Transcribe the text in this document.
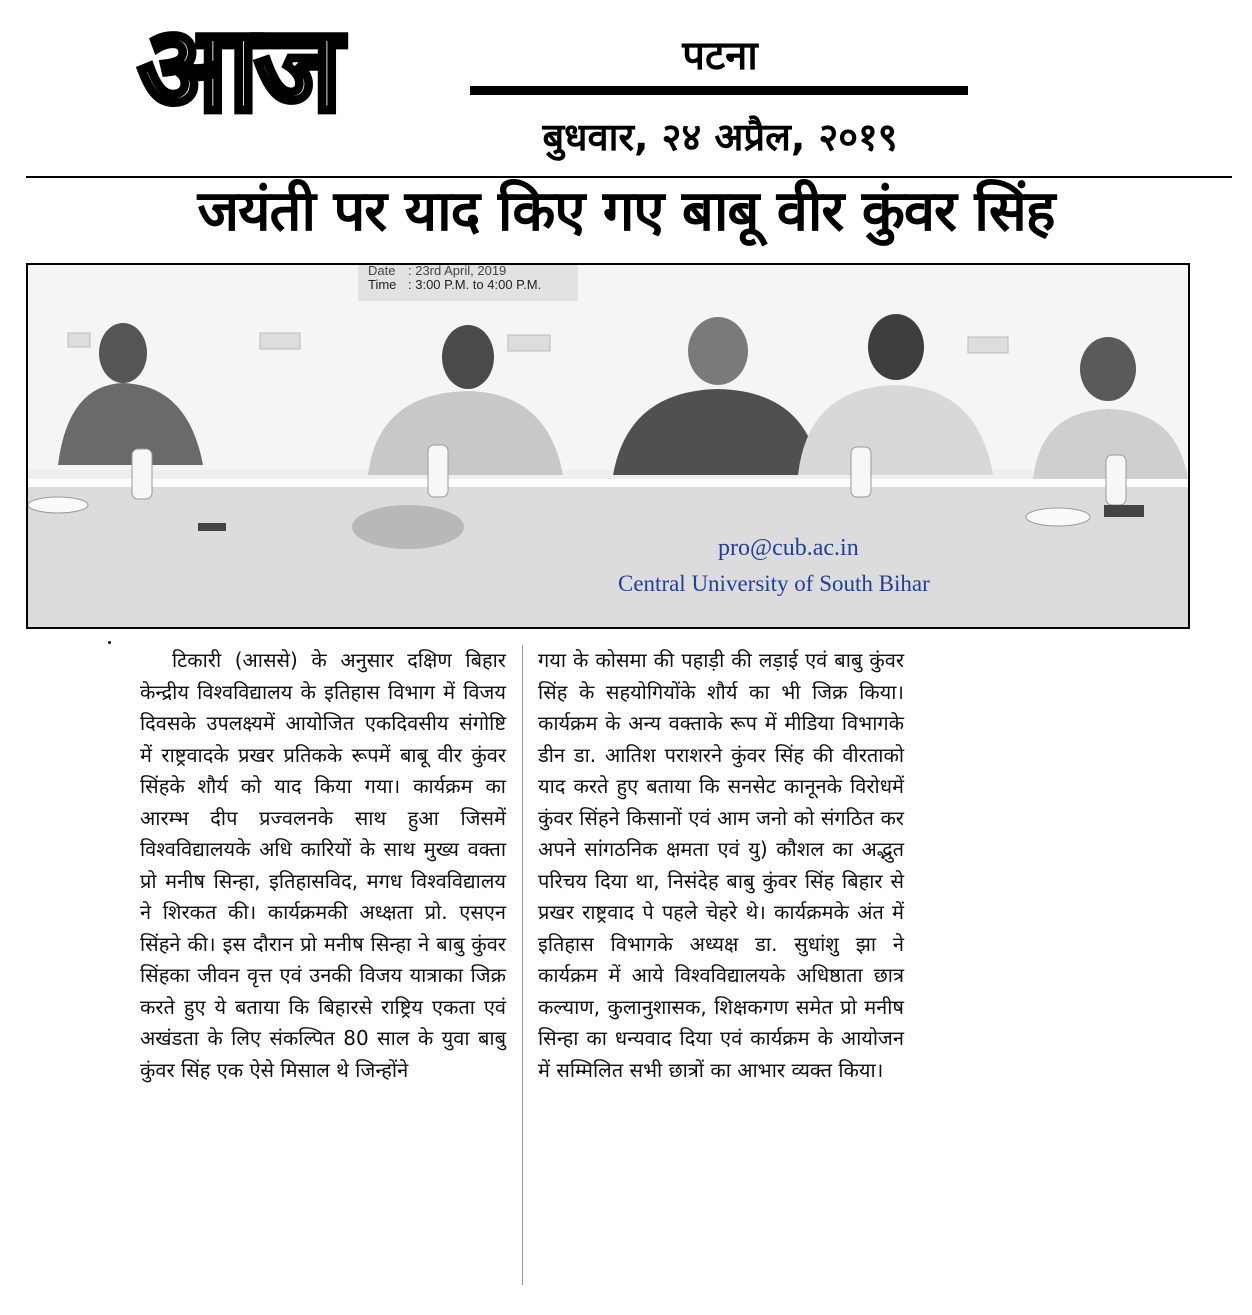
आज	पटना
बुधवार, २४ अप्रैल, २०१९
जयंती पर याद किए गए बाबू वीर कुंवर सिंह
Date : 23rd April, 2019
Time : 3:00 P.M. to 4:00 P.M.
pro@cub.ac.in
Central University of South Bihar

टिकारी (आससे) के अनुसार दक्षिण बिहार केन्द्रीय विश्वविद्यालय के इतिहास विभाग में विजय दिवसके उपलक्ष्यमें आयोजित एकदिवसीय संगोष्टि में राष्ट्रवादके प्रखर प्रतिकके रूपमें बाबू वीर कुंवर सिंहके शौर्य को याद किया गया। कार्यक्रम का आरम्भ दीप प्रज्वलनके साथ हुआ जिसमें विश्वविद्यालयके अधि कारियों के साथ मुख्य वक्ता प्रो मनीष सिन्हा, इतिहासविद, मगध विश्वविद्यालय ने शिरकत की। कार्यक्रमकी अध्क्षता प्रो. एसएन सिंहने की। इस दौरान प्रो मनीष सिन्हा ने बाबु कुंवर सिंहका जीवन वृत्त एवं उनकी विजय यात्राका जिक्र करते हुए ये बताया कि बिहारसे राष्ट्रिय एकता एवं अखंडता के लिए संकल्पित 80 साल के युवा बाबु कुंवर सिंह एक ऐसे मिसाल थे जिन्होंने

गया के कोसमा की पहाड़ी की लड़ाई एवं बाबु कुंवर सिंह के सहयोगियोंके शौर्य का भी जिक्र किया। कार्यक्रम के अन्य वक्ताके रूप में मीडिया विभागके डीन डा. आतिश पराशरने कुंवर सिंह की वीरताको याद करते हुए बताया कि सनसेट कानूनके विरोधमें कुंवर सिंहने किसानों एवं आम जनो को संगठित कर अपने सांगठनिक क्षमता एवं यु) कौशल का अद्भुत परिचय दिया था, निसंदेह बाबु कुंवर सिंह बिहार से प्रखर राष्ट्रवाद पे पहले चेहरे थे। कार्यक्रमके अंत में इतिहास विभागके अध्यक्ष डा. सुधांशु झा ने कार्यक्रम में आये विश्वविद्यालयके अधिष्ठाता छात्र कल्याण, कुलानुशासक, शिक्षकगण समेत प्रो मनीष सिन्हा का धन्यवाद दिया एवं कार्यक्रम के आयोजन में सम्मिलित सभी छात्रों का आभार व्यक्त किया।
